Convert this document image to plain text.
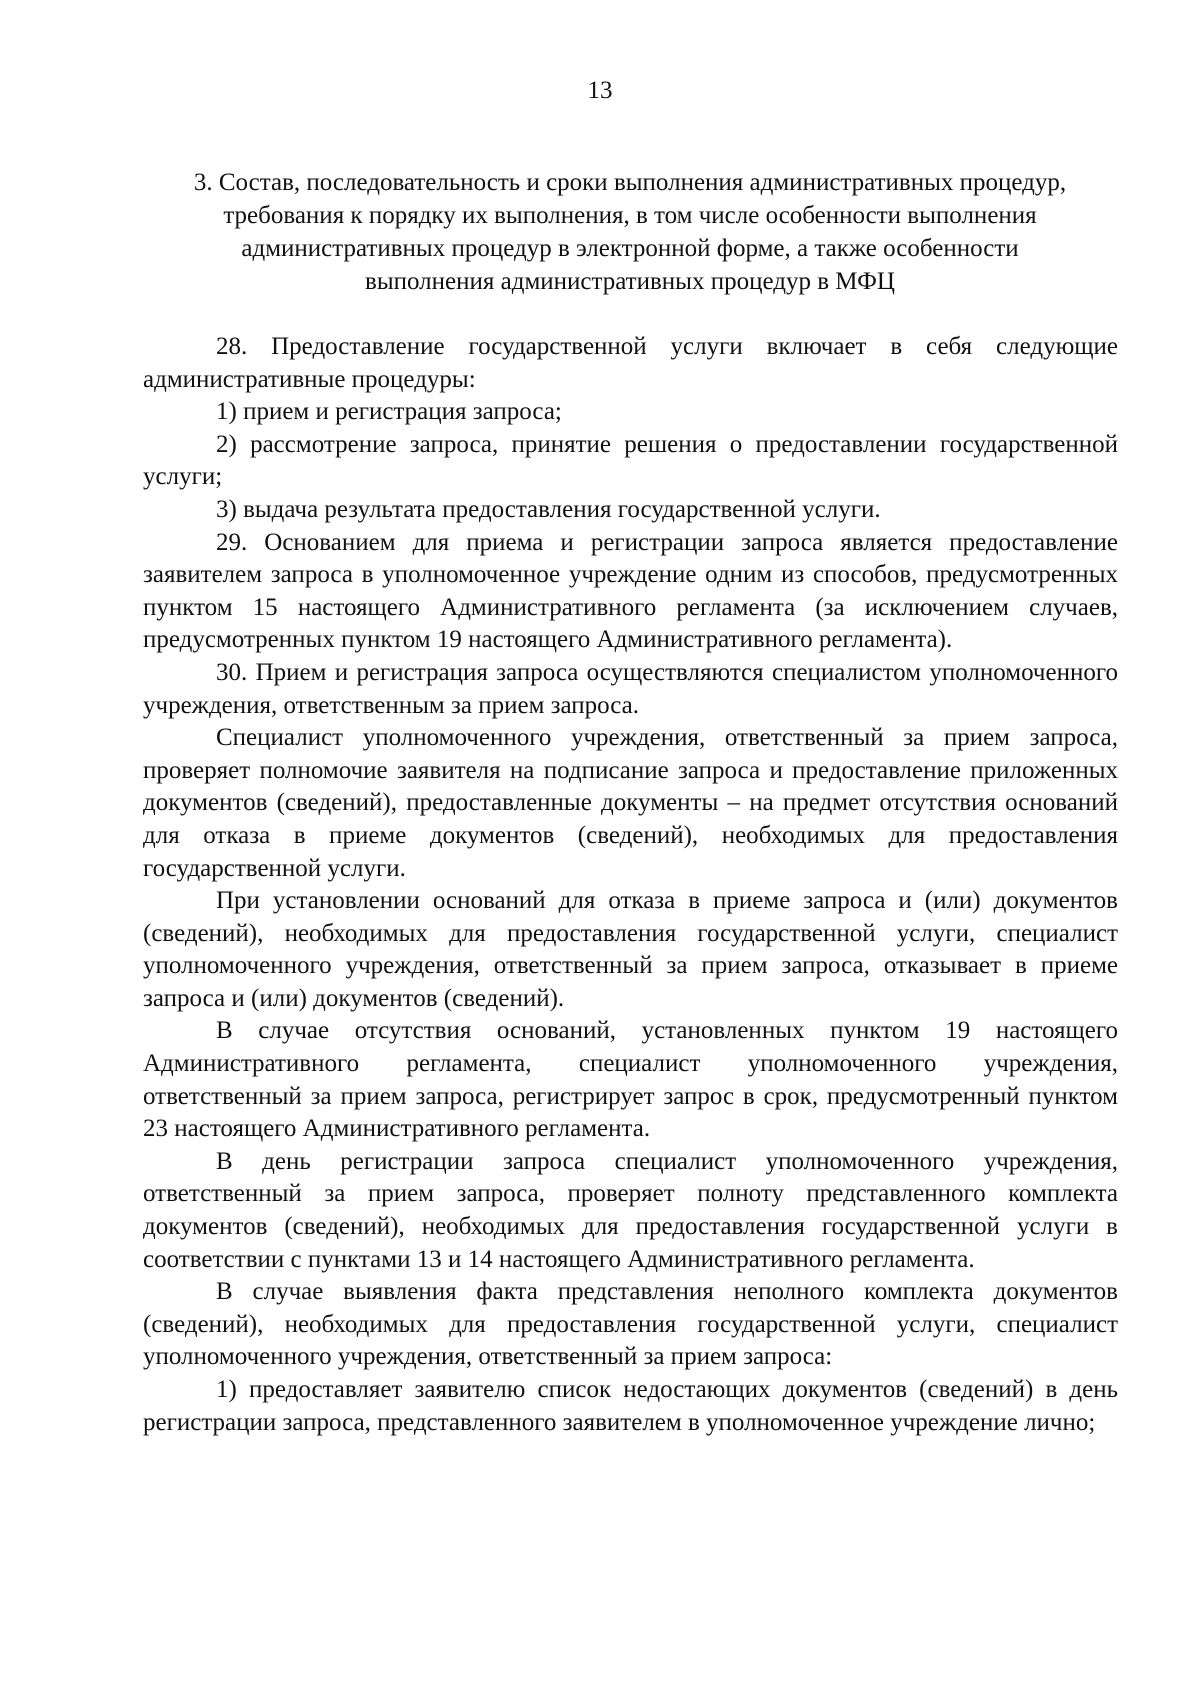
13
3. Состав, последовательность и сроки выполнения административных процедур, требования к порядку их выполнения, в том числе особенности выполнения административных процедур в электронной форме, а также особенности выполнения административных процедур в МФЦ

28. Предоставление государственной услуги включает в себя следующие административные процедуры:

1) прием и регистрация запроса;

2) рассмотрение запроса, принятие решения о предоставлении государственной услуги;

3) выдача результата предоставления государственной услуги.

29. Основанием для приема и регистрации запроса является предоставление заявителем запроса в уполномоченное учреждение одним из способов, предусмотренных пунктом 15 настоящего Административного регламента (за исключением случаев, предусмотренных пунктом 19 настоящего Административного регламента).

30. Прием и регистрация запроса осуществляются специалистом уполномоченного учреждения, ответственным за прием запроса.

Специалист уполномоченного учреждения, ответственный за прием запроса, проверяет полномочие заявителя на подписание запроса и предоставление приложенных документов (сведений), предоставленные документы – на предмет отсутствия оснований для отказа в приеме документов (сведений), необходимых для предоставления государственной услуги.

При установлении оснований для отказа в приеме запроса и (или) документов (сведений), необходимых для предоставления государственной услуги, специалист уполномоченного учреждения, ответственный за прием запроса, отказывает в приеме запроса и (или) документов (сведений).

В случае отсутствия оснований, установленных пунктом 19 настоящего Административного регламента, специалист уполномоченного учреждения, ответственный за прием запроса, регистрирует запрос в срок, предусмотренный пунктом 23 настоящего Административного регламента.

В день регистрации запроса специалист уполномоченного учреждения, ответственный за прием запроса, проверяет полноту представленного комплекта документов (сведений), необходимых для предоставления государственной услуги в соответствии с пунктами 13 и 14 настоящего Административного регламента.

В случае выявления факта представления неполного комплекта документов (сведений), необходимых для предоставления государственной услуги, специалист уполномоченного учреждения, ответственный за прием запроса:

1) предоставляет заявителю список недостающих документов (сведений) в день регистрации запроса, представленного заявителем в уполномоченное учреждение лично;
